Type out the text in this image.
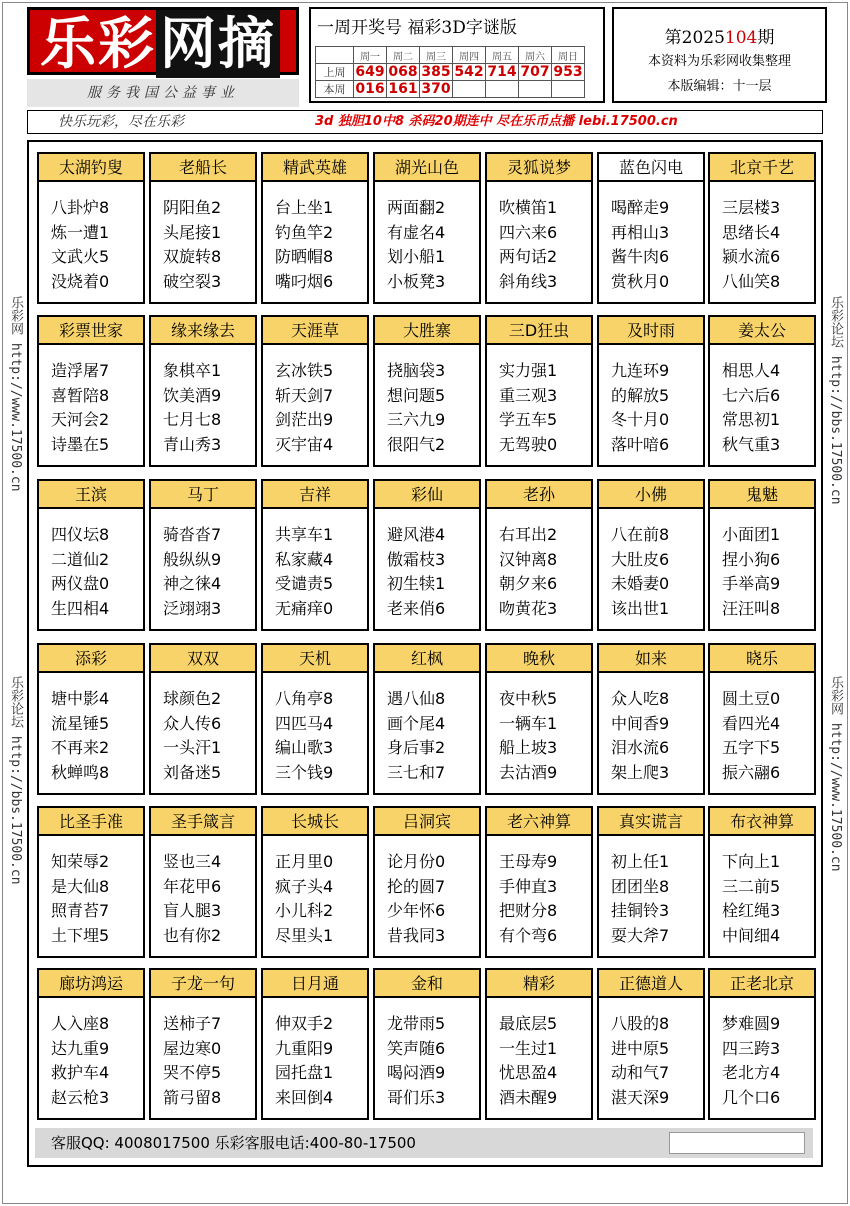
乐彩网摘
服务我国公益事业
一周开奖号 福彩3D字谜版
	周一	周二	周三	周四	周五	周六	周日
上周	649	068	385	542	714	707	953
本周	016	161	370				
第2025104期
本资料为乐彩网收集整理
本版编辑：十一层
快乐玩彩，尽在乐彩	3d 独胆10中8 杀码20期连中 尽在乐币点播 lebi.17500.cn
乐彩网 http://www.17500.cn
乐彩论坛 http://bbs.17500.cn
乐彩论坛 http://bbs.17500.cn
乐彩网 http://www.17500.cn
太湖钓叟
八卦炉8
炼一遭1
文武火5
没烧着0
老船长
阴阳鱼2
头尾接1
双旋转8
破空裂3
精武英雄
台上坐1
钓鱼竿2
防晒帽8
嘴叼烟6
湖光山色
两面翻2
有虚名4
划小船1
小板凳3
灵狐说梦
吹横笛1
四六来6
两句话2
斜角线3
蓝色闪电
喝醉走9
再相山3
酱牛肉6
赏秋月0
北京千艺
三层楼3
思绪长4
颍水流6
八仙笑8
彩票世家
造浮屠7
喜暂陪8
天河会2
诗墨在5
缘来缘去
象棋卒1
饮美酒9
七月七8
青山秀3
天涯草
玄冰铁5
斩天剑7
剑茫出9
灭宇宙4
大胜寨
挠脑袋3
想问题5
三六九9
很阳气2
三D狂虫
实力强1
重三观3
学五车5
无驾驶0
及时雨
九连环9
的解放5
冬十月0
落叶喑6
姜太公
相思人4
七六后6
常思初1
秋气重3
王滨
四仪坛8
二道仙2
两仪盘0
生四相4
马丁
骑沓沓7
般纵纵9
神之徕4
泛翊翊3
吉祥
共享车1
私家藏4
受谴责5
无痛痒0
彩仙
避风港4
傲霜枝3
初生犊1
老来俏6
老孙
右耳出2
汉钟离8
朝夕来6
吻黄花3
小佛
八在前8
大肚皮6
未婚妻0
该出世1
鬼魅
小面团1
捏小狗6
手举高9
汪汪叫8
添彩
塘中影4
流星锤5
不再来2
秋蝉鸣8
双双
球颜色2
众人传6
一头汗1
刘备迷5
天机
八角亭8
四匹马4
编山歌3
三个钱9
红枫
遇八仙8
画个尾4
身后事2
三七和7
晚秋
夜中秋5
一辆车1
船上坡3
去沽酒9
如来
众人吃8
中间香9
泪水流6
架上爬3
晓乐
圆土豆0
看四光4
五字下5
振六翮6
比圣手准
知荣辱2
是大仙8
照青苔7
土下埋5
圣手箴言
竖也三4
年花甲6
盲人腿3
也有你2
长城长
正月里0
疯子头4
小儿科2
尽里头1
吕洞宾
论月份0
抡的圆7
少年怀6
昔我同3
老六神算
王母寿9
手伸直3
把财分8
有个弯6
真实谎言
初上任1
团团坐8
挂铜铃3
耍大斧7
布衣神算
下向上1
三二前5
栓红绳3
中间细4
廊坊鸿运
人入座8
达九重9
救护车4
赵云枪3
子龙一句
送柿子7
屋边寒0
哭不停5
箭弓留8
日月通
伸双手2
九重阳9
园托盘1
来回倒4
金和
龙带雨5
笑声随6
喝闷酒9
哥们乐3
精彩
最底层5
一生过1
忧思盈4
酒未醒9
正德道人
八股的8
进中原5
动和气7
湛天深9
正老北京
梦难圆9
四三跨3
老北方4
几个口6
客服QQ: 4008017500 乐彩客服电话:400-80-17500
